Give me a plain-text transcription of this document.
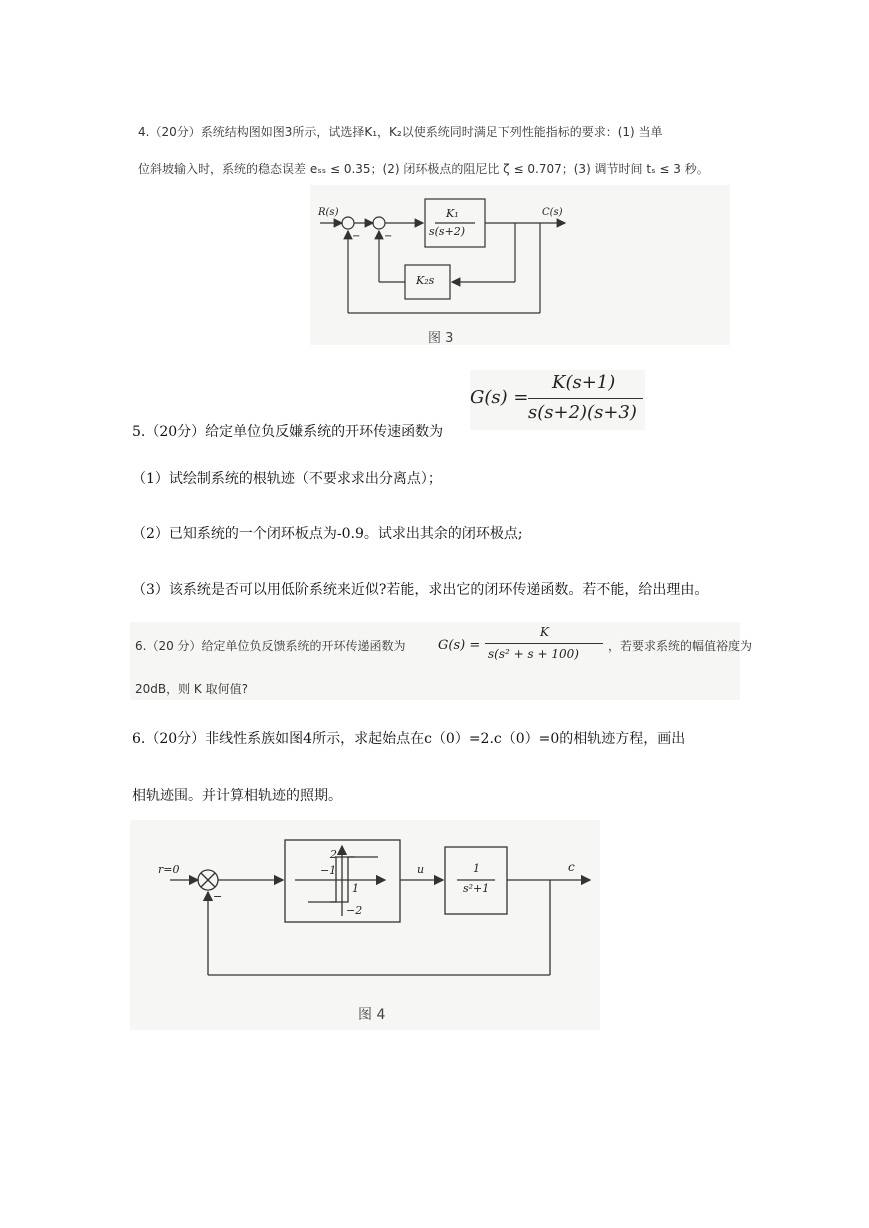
4.（20分）系统结构图如图3所示，试选择K₁，K₂以使系统同时满足下列性能指标的要求：(1) 当单
位斜坡输入时，系统的稳态误差 eₛₛ ≤ 0.35；(2) 闭环极点的阻尼比 ζ ≤ 0.707；(3) 调节时间 tₛ ≤ 3 秒。
R(s)	C(s)
K₁
s(s+2)
K₂s
− −
图 3
G(s) =
K(s+1)
s(s+2)(s+3)
5.（20分）给定单位负反嫌系统的开环传速函数为
（1）试绘制系统的根轨迹（不要求求出分离点）；
（2）已知系统的一个闭环板点为-0.9。试求出其余的闭环极点;
（3）该系统是否可以用低阶系统来近似?若能，求出它的闭环传递函数。若不能，给出理由。
6.（20 分）给定单位负反馈系统的开环传递函数为 G(s) =
K
s(s² + s + 100)
，若要求系统的幅值裕度为
20dB，则 K 取何值?
6.（20分）非线性系族如图4所示，求起始点在c（0）=2.c（0）=0的相轨迹方程，画出
相轨迹围。并计算相轨迹的照期。
r=0
−
2
−2
1
−1	u	1
s²+1
c
图 4
